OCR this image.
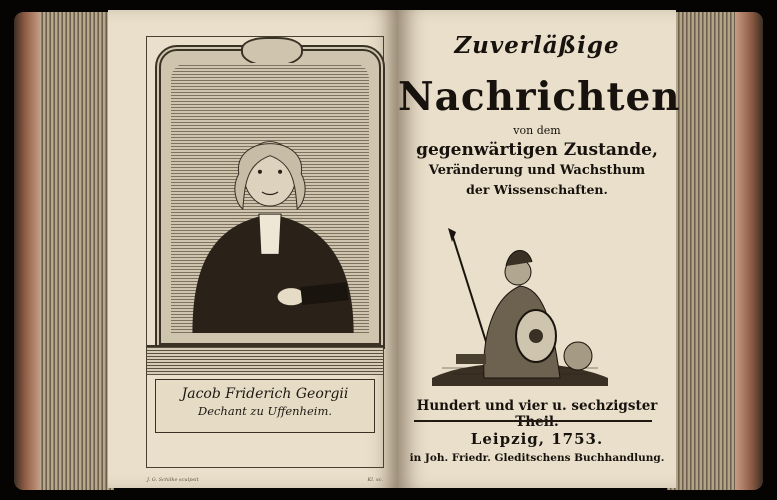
Jacob Friderich Georgii
Dechant zu Uffenheim.
J. G. Schilke sculpsit	Kl. sc.
Zuverläßige
Nachrichten
von dem
gegenwärtigen Zustande,
Veränderung und Wachsthum
der Wissenschaften.
Hundert und vier u. sechzigster Theil.
Leipzig, 1753.
in Joh. Friedr. Gleditschens Buchhandlung.
